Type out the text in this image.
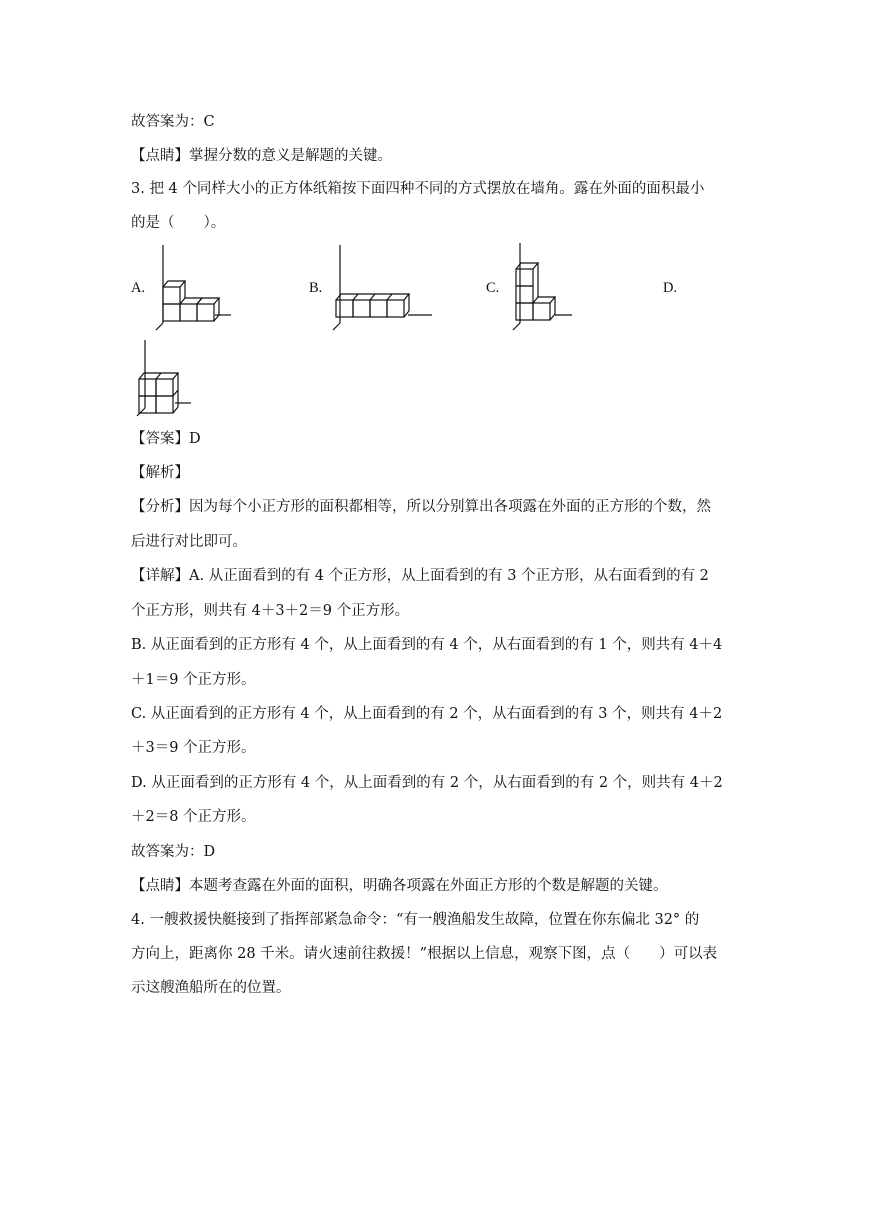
故答案为：C
【点睛】掌握分数的意义是解题的关键。
3. 把 4 个同样大小的正方体纸箱按下面四种不同的方式摆放在墙角。露在外面的面积最小
的是（　　）。
A.	B.	C.	D.
【答案】D
【解析】
【分析】因为每个小正方形的面积都相等，所以分别算出各项露在外面的正方形的个数，然
后进行对比即可。
【详解】A. 从正面看到的有 4 个正方形，从上面看到的有 3 个正方形，从右面看到的有 2
个正方形，则共有 4＋3＋2＝9 个正方形。
B. 从正面看到的正方形有 4 个，从上面看到的有 4 个，从右面看到的有 1 个，则共有 4＋4
＋1＝9 个正方形。
C. 从正面看到的正方形有 4 个，从上面看到的有 2 个，从右面看到的有 3 个，则共有 4＋2
＋3＝9 个正方形。
D. 从正面看到的正方形有 4 个，从上面看到的有 2 个，从右面看到的有 2 个，则共有 4＋2
＋2＝8 个正方形。
故答案为：D
【点睛】本题考查露在外面的面积，明确各项露在外面正方形的个数是解题的关键。
4. 一艘救援快艇接到了指挥部紧急命令：“有一艘渔船发生故障，位置在你东偏北 32° 的
方向上，距离你 28 千米。请火速前往救援！”根据以上信息，观察下图，点（　　）可以表
示这艘渔船所在的位置。
